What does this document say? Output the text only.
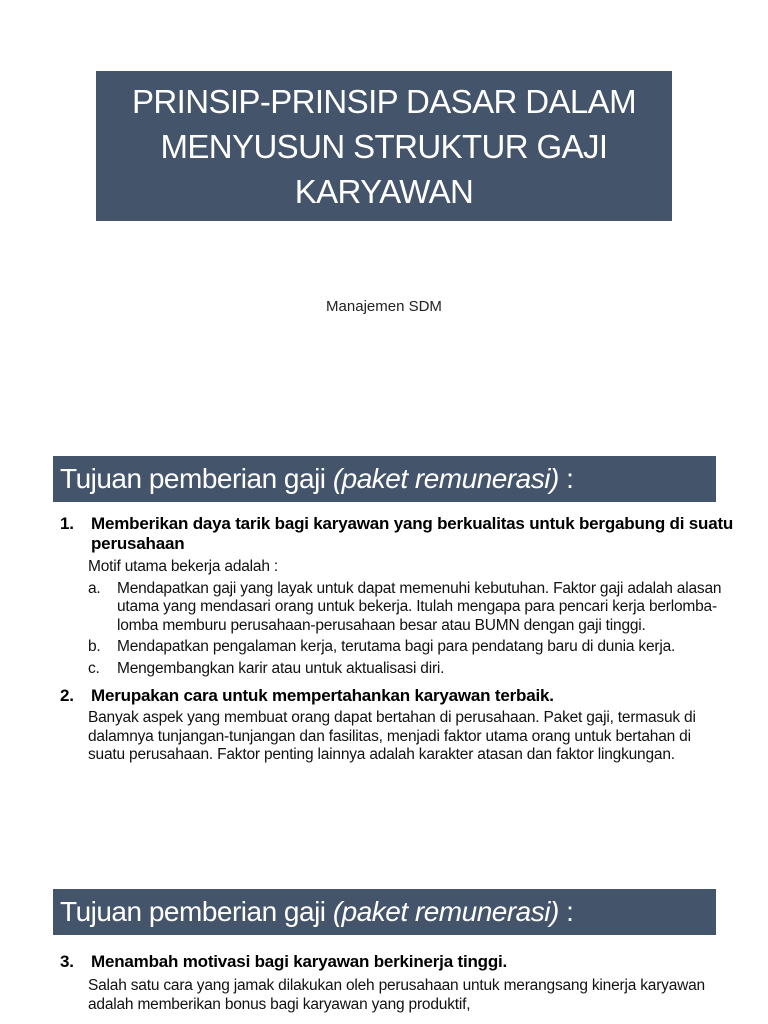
PRINSIP-PRINSIP DASAR DALAM MENYUSUN STRUKTUR GAJI KARYAWAN
Manajemen SDM
Tujuan pemberian gaji (paket remunerasi) :
1. Memberikan daya tarik bagi karyawan yang berkualitas untuk bergabung di suatu perusahaan
Motif utama bekerja adalah :
a. Mendapatkan gaji yang layak untuk dapat memenuhi kebutuhan. Faktor gaji adalah alasan utama yang mendasari orang untuk bekerja. Itulah mengapa para pencari kerja berlomba-lomba memburu perusahaan-perusahaan besar atau BUMN dengan gaji tinggi.
b. Mendapatkan pengalaman kerja, terutama bagi para pendatang baru di dunia kerja.
c. Mengembangkan karir atau untuk aktualisasi diri.
2. Merupakan cara untuk mempertahankan karyawan terbaik.
Banyak aspek yang membuat orang dapat bertahan di perusahaan. Paket gaji, termasuk di dalamnya tunjangan-tunjangan dan fasilitas, menjadi faktor utama orang untuk bertahan di suatu perusahaan. Faktor penting lainnya adalah karakter atasan dan faktor lingkungan.
Tujuan pemberian gaji (paket remunerasi) :
3. Menambah motivasi bagi karyawan berkinerja tinggi.
Salah satu cara yang jamak dilakukan oleh perusahaan untuk merangsang kinerja karyawan adalah memberikan bonus bagi karyawan yang produktif,
